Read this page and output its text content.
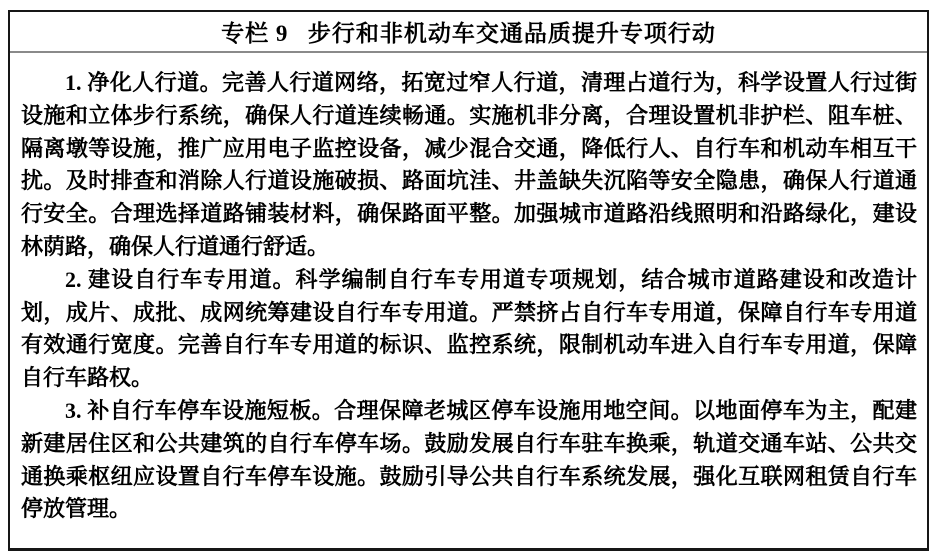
专栏 9 步行和非机动车交通品质提升专项行动

1. 净化人行道。完善人行道网络，拓宽过窄人行道，清理占道行为，科学设置人行过街设施和立体步行系统，确保人行道连续畅通。实施机非分离，合理设置机非护栏、阻车桩、隔离墩等设施，推广应用电子监控设备，减少混合交通，降低行人、自行车和机动车相互干扰。及时排查和消除人行道设施破损、路面坑洼、井盖缺失沉陷等安全隐患，确保人行道通行安全。合理选择道路铺装材料，确保路面平整。加强城市道路沿线照明和沿路绿化，建设林荫路，确保人行道通行舒适。

2. 建设自行车专用道。科学编制自行车专用道专项规划，结合城市道路建设和改造计划，成片、成批、成网统筹建设自行车专用道。严禁挤占自行车专用道，保障自行车专用道有效通行宽度。完善自行车专用道的标识、监控系统，限制机动车进入自行车专用道，保障自行车路权。

3. 补自行车停车设施短板。合理保障老城区停车设施用地空间。以地面停车为主，配建新建居住区和公共建筑的自行车停车场。鼓励发展自行车驻车换乘，轨道交通车站、公共交通换乘枢纽应设置自行车停车设施。鼓励引导公共自行车系统发展，强化互联网租赁自行车停放管理。
